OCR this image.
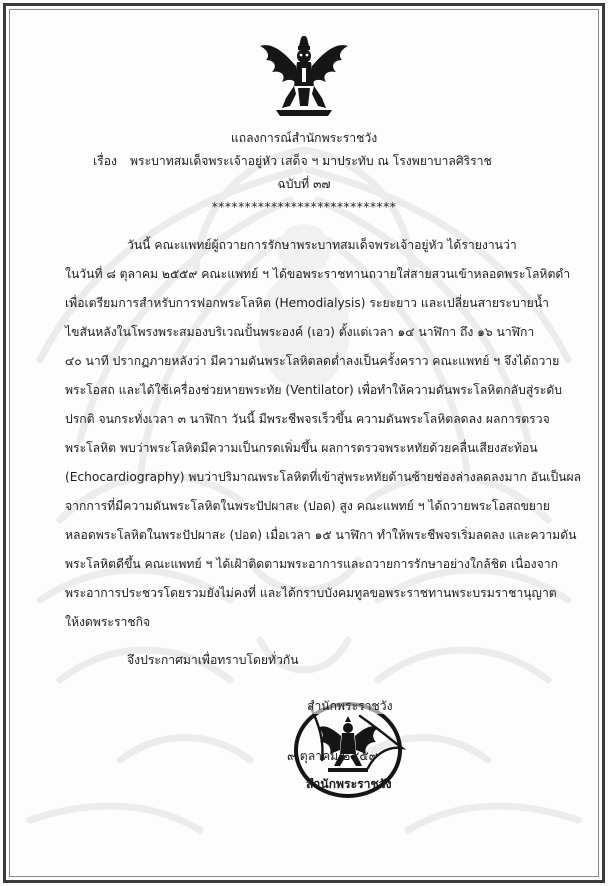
แถลงการณ์สำนักพระราชวัง
เรื่อง พระบาทสมเด็จพระเจ้าอยู่หัว เสด็จ ฯ มาประทับ ณ โรงพยาบาลศิริราช
ฉบับที่ ๓๗
****************************
วันนี้ คณะแพทย์ผู้ถวายการรักษาพระบาทสมเด็จพระเจ้าอยู่หัว ได้รายงานว่า
ในวันที่ ๘ ตุลาคม ๒๕๕๙ คณะแพทย์ ฯ ได้ขอพระราชทานถวายใส่สายสวนเข้าหลอดพระโลหิตดำ
เพื่อเตรียมการสำหรับการฟอกพระโลหิต (Hemodialysis) ระยะยาว และเปลี่ยนสายระบายน้ำ
ไขสันหลังในโพรงพระสมองบริเวณปั้นพระองค์ (เอว) ตั้งแต่เวลา ๑๔ นาฬิกา ถึง ๑๖ นาฬิกา
๔๐ นาที ปรากฏภายหลังว่า มีความดันพระโลหิตลดต่ำลงเป็นครั้งคราว คณะแพทย์ ฯ จึงได้ถวาย
พระโอสถ และได้ใช้เครื่องช่วยหายพระทัย (Ventilator) เพื่อทำให้ความดันพระโลหิตกลับสู่ระดับ
ปรกติ จนกระทั่งเวลา ๓ นาฬิกา วันนี้ มีพระชีพจรเร็วขึ้น ความดันพระโลหิตลดลง ผลการตรวจ
พระโลหิต พบว่าพระโลหิตมีความเป็นกรดเพิ่มขึ้น ผลการตรวจพระหทัยด้วยคลื่นเสียงสะท้อน
(Echocardiography) พบว่าปริมาณพระโลหิตที่เข้าสู่พระหทัยด้านซ้ายช่องล่างลดลงมาก อันเป็นผล
จากการที่มีความดันพระโลหิตในพระปัปผาสะ (ปอด) สูง คณะแพทย์ ฯ ได้ถวายพระโอสถขยาย
หลอดพระโลหิตในพระปัปผาสะ (ปอด) เมื่อเวลา ๑๕ นาฬิกา ทำให้พระชีพจรเริ่มลดลง และความดัน
พระโลหิตดีขึ้น คณะแพทย์ ฯ ได้เฝ้าติดตามพระอาการและถวายการรักษาอย่างใกล้ชิด เนื่องจาก
พระอาการประชวรโดยรวมยังไม่คงที่ และได้กราบบังคมทูลขอพระราชทานพระบรมราชานุญาต
ให้งดพระราชกิจ
จึงประกาศมาเพื่อทราบโดยทั่วกัน
สำนักพระราชวัง
๙ ตุลาคม ๒๕๕๙
สำนักพระราชวัง
